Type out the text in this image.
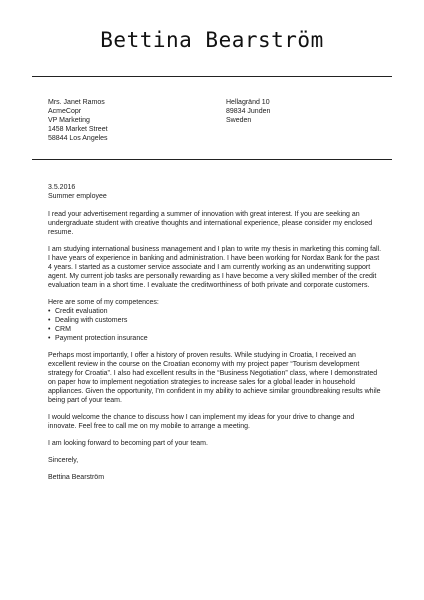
Bettina Bearström
Mrs. Janet Ramos
AcmeCopr
VP Marketing
1458 Market Street
58844 Los Angeles
Hellagränd 10
89834 Junden
Sweden
3.5.2016
Summer employee

I read your advertisement regarding a summer of innovation with great interest. If you are seeking an undergraduate student with creative thoughts and international experience, please consider my enclosed resume.

I am studying international business management and I plan to write my thesis in marketing this coming fall. I have years of experience in banking and administration. I have been working for Nordax Bank for the past 4 years. I started as a customer service associate and I am currently working as an underwriting support agent. My current job tasks are personally rewarding as I have become a very skilled member of the credit evaluation team in a short time. I evaluate the creditworthiness of both private and corporate customers.

Here are some of my competences:

• Credit evaluation
• Dealing with customers
• CRM
• Payment protection insurance

Perhaps most importantly, I offer a history of proven results. While studying in Croatia, I received an excellent review in the course on the Croatian economy with my project paper “Tourism development strategy for Croatia”. I also had excellent results in the “Business Negotiation” class, where I demonstrated on paper how to implement negotiation strategies to increase sales for a global leader in household appliances. Given the opportunity, I’m confident in my ability to achieve similar groundbreaking results while being part of your team.

I would welcome the chance to discuss how I can implement my ideas for your drive to change and innovate. Feel free to call me on my mobile to arrange a meeting.

I am looking forward to becoming part of your team.

Sincerely,

Bettina Bearström
